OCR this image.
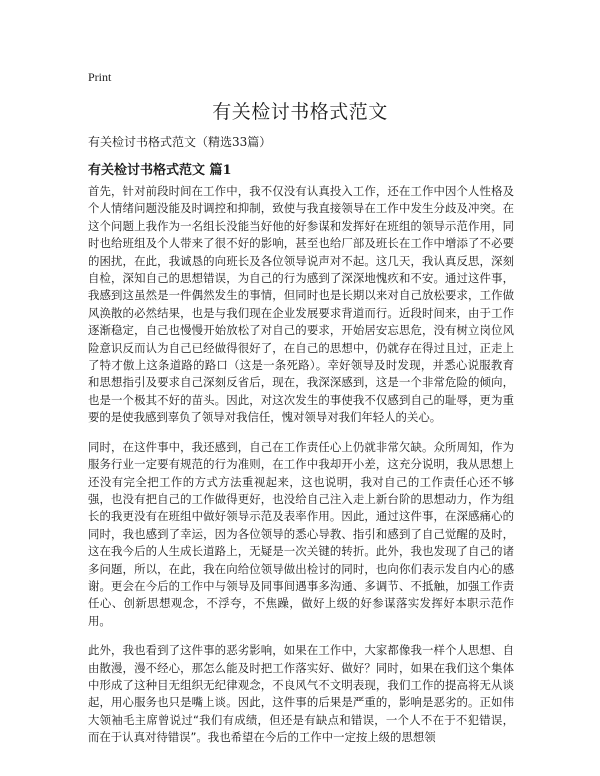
Print
有关检讨书格式范文

有关检讨书格式范文（精选33篇）

有关检讨书格式范文 篇1

首先，针对前段时间在工作中，我不仅没有认真投入工作，还在工作中因个人性格及个人情绪问题没能及时调控和抑制，致使与我直接领导在工作中发生分歧及冲突。在这个问题上我作为一名组长没能当好他的好参谋和发挥好在班组的领导示范作用，同时也给班组及个人带来了很不好的影响，甚至也给厂部及班长在工作中增添了不必要的困扰，在此，我诚恳的向班长及各位领导说声对不起。这几天，我认真反思，深刻自检，深知自己的思想错误，为自己的行为感到了深深地愧疚和不安。通过这件事，我感到这虽然是一件偶然发生的事情，但同时也是长期以来对自己放松要求，工作做风涣散的必然结果，也是与我们现在企业发展要求背道而行。近段时间来，由于工作逐渐稳定，自己也慢慢开始放松了对自己的要求，开始居安忘思危，没有树立岗位风险意识反而认为自己已经做得很好了，在自己的思想中，仍就存在得过且过，正走上了特才傲上这条道路的路口（这是一条死路）。幸好领导及时发现，并悉心说服教育和思想指引及要求自己深刻反省后，现在，我深深感到，这是一个非常危险的倾向，也是一个极其不好的苗头。因此，对这次发生的事使我不仅感到自己的耻辱，更为重要的是使我感到辜负了领导对我信任，愧对领导对我们年轻人的关心。

同时，在这件事中，我还感到，自己在工作责任心上仍就非常欠缺。众所周知，作为服务行业一定要有规范的行为准则，在工作中我却开小差，这充分说明，我从思想上还没有完全把工作的方式方法重视起来，这也说明，我对自己的工作责任心还不够强，也没有把自己的工作做得更好，也没给自己注入走上新台阶的思想动力，作为组长的我更没有在班组中做好领导示范及表率作用。因此，通过这件事，在深感痛心的同时，我也感到了幸运，因为各位领导的悉心导教、指引和感到了自己觉醒的及时，这在我今后的人生成长道路上，无疑是一次关键的转折。此外，我也发现了自己的诸多问题，所以，在此，我在向给位领导做出检讨的同时，也向你们表示发自内心的感谢。更会在今后的工作中与领导及同事间遇事多沟通、多调节、不抵触，加强工作责任心、创新思想观念，不浮夸，不焦躁，做好上级的好参谋落实发挥好本职示范作用。

此外，我也看到了这件事的恶劣影响，如果在工作中，大家都像我一样个人思想、自由散漫，漫不经心，那怎么能及时把工作落实好、做好？同时，如果在我们这个集体中形成了这种目无组织无纪律观念，不良风气不文明表现，我们工作的提高将无从谈起，用心服务也只是嘴上谈。因此，这件事的后果是严重的，影响是恶劣的。正如伟大领袖毛主席曾说过“我们有成绩，但还是有缺点和错误，一个人不在于不犯错误，而在于认真对待错误”。我也希望在今后的工作中一定按上级的思想领
